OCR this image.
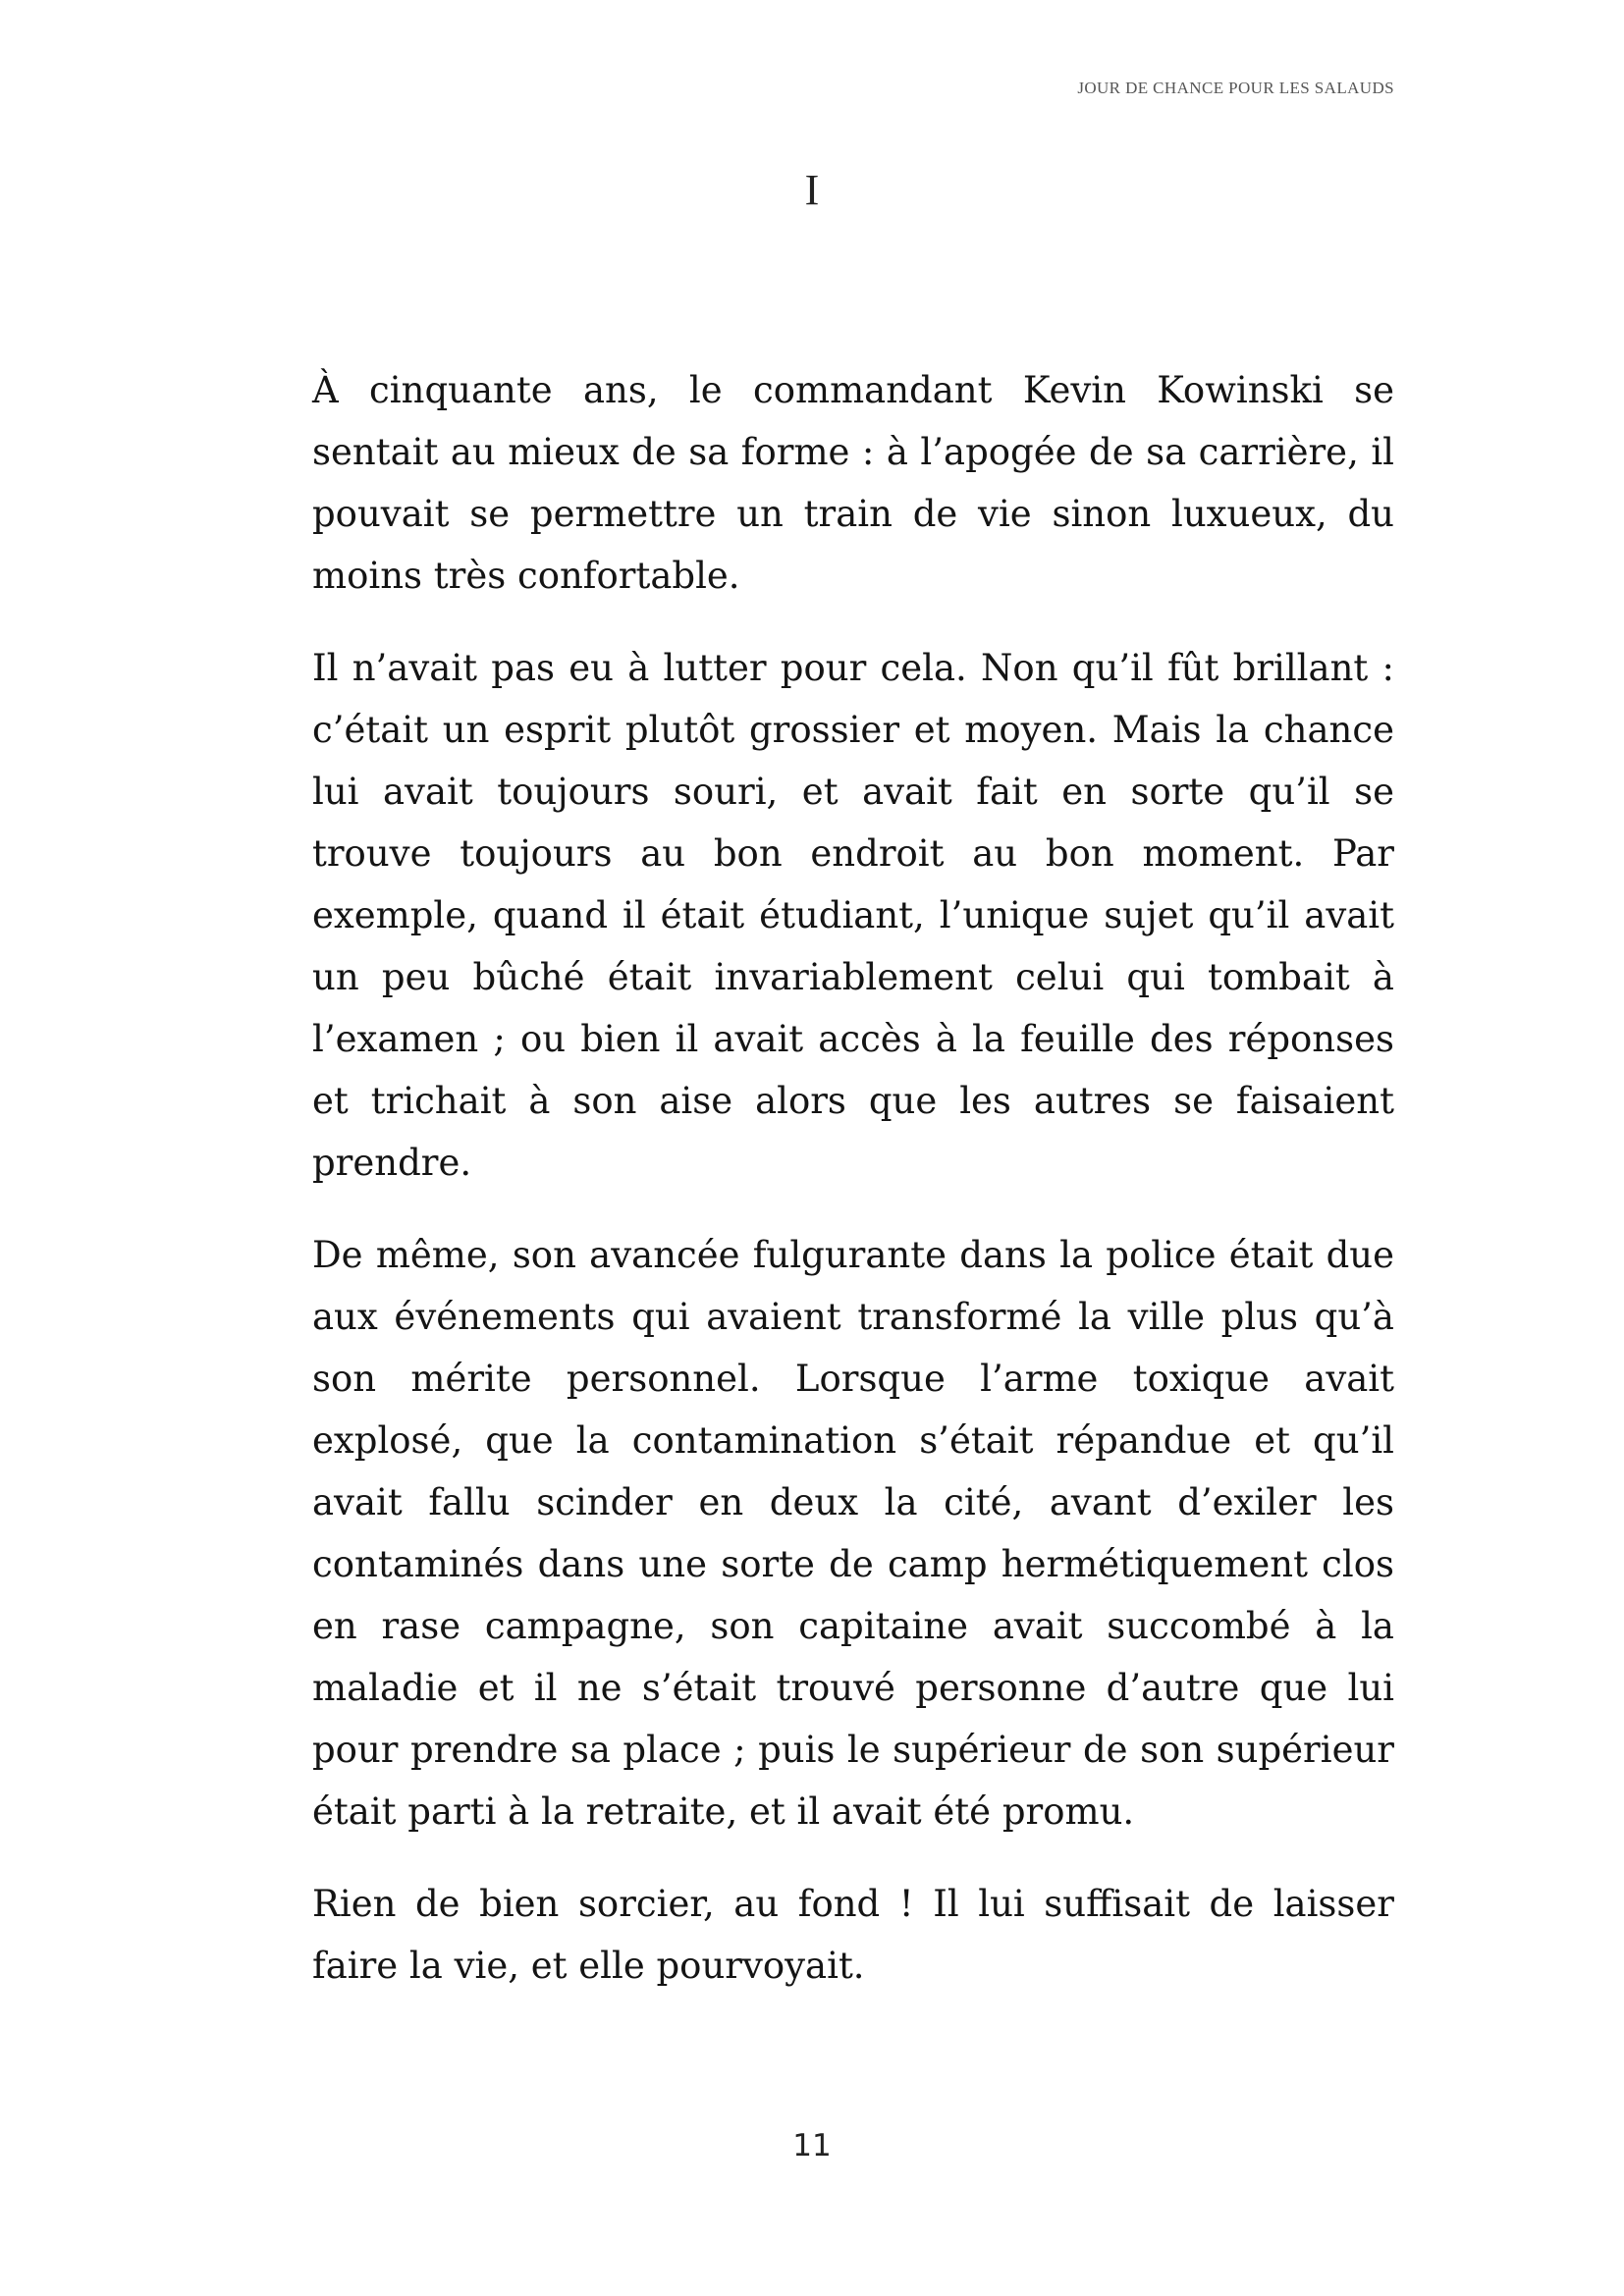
JOUR DE CHANCE POUR LES SALAUDS
I

À cinquante ans, le commandant Kevin Kowinski se sentait au mieux de sa forme : à l’apogée de sa carrière, il pouvait se permettre un train de vie sinon luxueux, du moins très confortable.

Il n’avait pas eu à lutter pour cela. Non qu’il fût brillant : c’était un esprit plutôt grossier et moyen. Mais la chance lui avait toujours souri, et avait fait en sorte qu’il se trouve toujours au bon endroit au bon moment. Par exemple, quand il était étudiant, l’unique sujet qu’il avait un peu bûché était invariablement celui qui tombait à l’examen ; ou bien il avait accès à la feuille des réponses et trichait à son aise alors que les autres se faisaient prendre.

De même, son avancée fulgurante dans la police était due aux événements qui avaient transformé la ville plus qu’à son mérite personnel. Lorsque l’arme toxique avait explosé, que la contamination s’était répandue et qu’il avait fallu scinder en deux la cité, avant d’exiler les contaminés dans une sorte de camp hermétiquement clos en rase campagne, son capitaine avait succombé à la maladie et il ne s’était trouvé personne d’autre que lui pour prendre sa place ; puis le supérieur de son supérieur était parti à la retraite, et il avait été promu.

Rien de bien sorcier, au fond ! Il lui suffisait de laisser faire la vie, et elle pourvoyait.

11
